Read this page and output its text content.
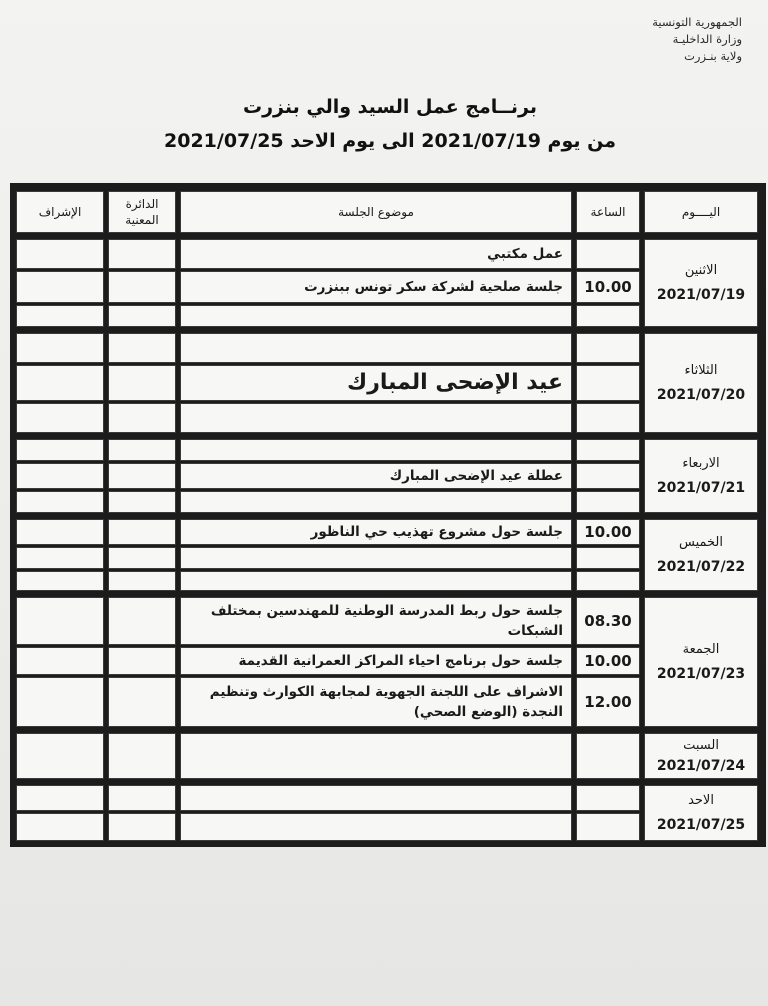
الجمهورية التونسية
وزارة الداخليـة
ولاية بنـزرت
برنــامج عمل السيد والي بنزرت
من يوم 2021/07/19 الى يوم الاحد 2021/07/25
اليــــوم
الساعة
موضوع الجلسة
الدائرة المعنية
الإشراف
الاثنين
2021/07/19
10.00
عمل مكتبي
جلسة صلحية لشركة سكر تونس ببنزرت
الثلاثاء
2021/07/20
عيد الإضحى المبارك
الاربعاء
2021/07/21
عطلة عيد الإضحى المبارك
الخميس
2021/07/22
10.00
جلسة حول مشروع تهذيب حي الناظور
الجمعة
2021/07/23
08.30
10.00
12.00
جلسة حول ربط المدرسة الوطنية للمهندسين بمختلف الشبكات
جلسة حول برنامج احياء المراكز العمرانية القديمة
الاشراف على اللجنة الجهوية لمجابهة الكوارث وتنظيم النجدة (الوضع الصحي)
السبت
2021/07/24
الاحد
2021/07/25
